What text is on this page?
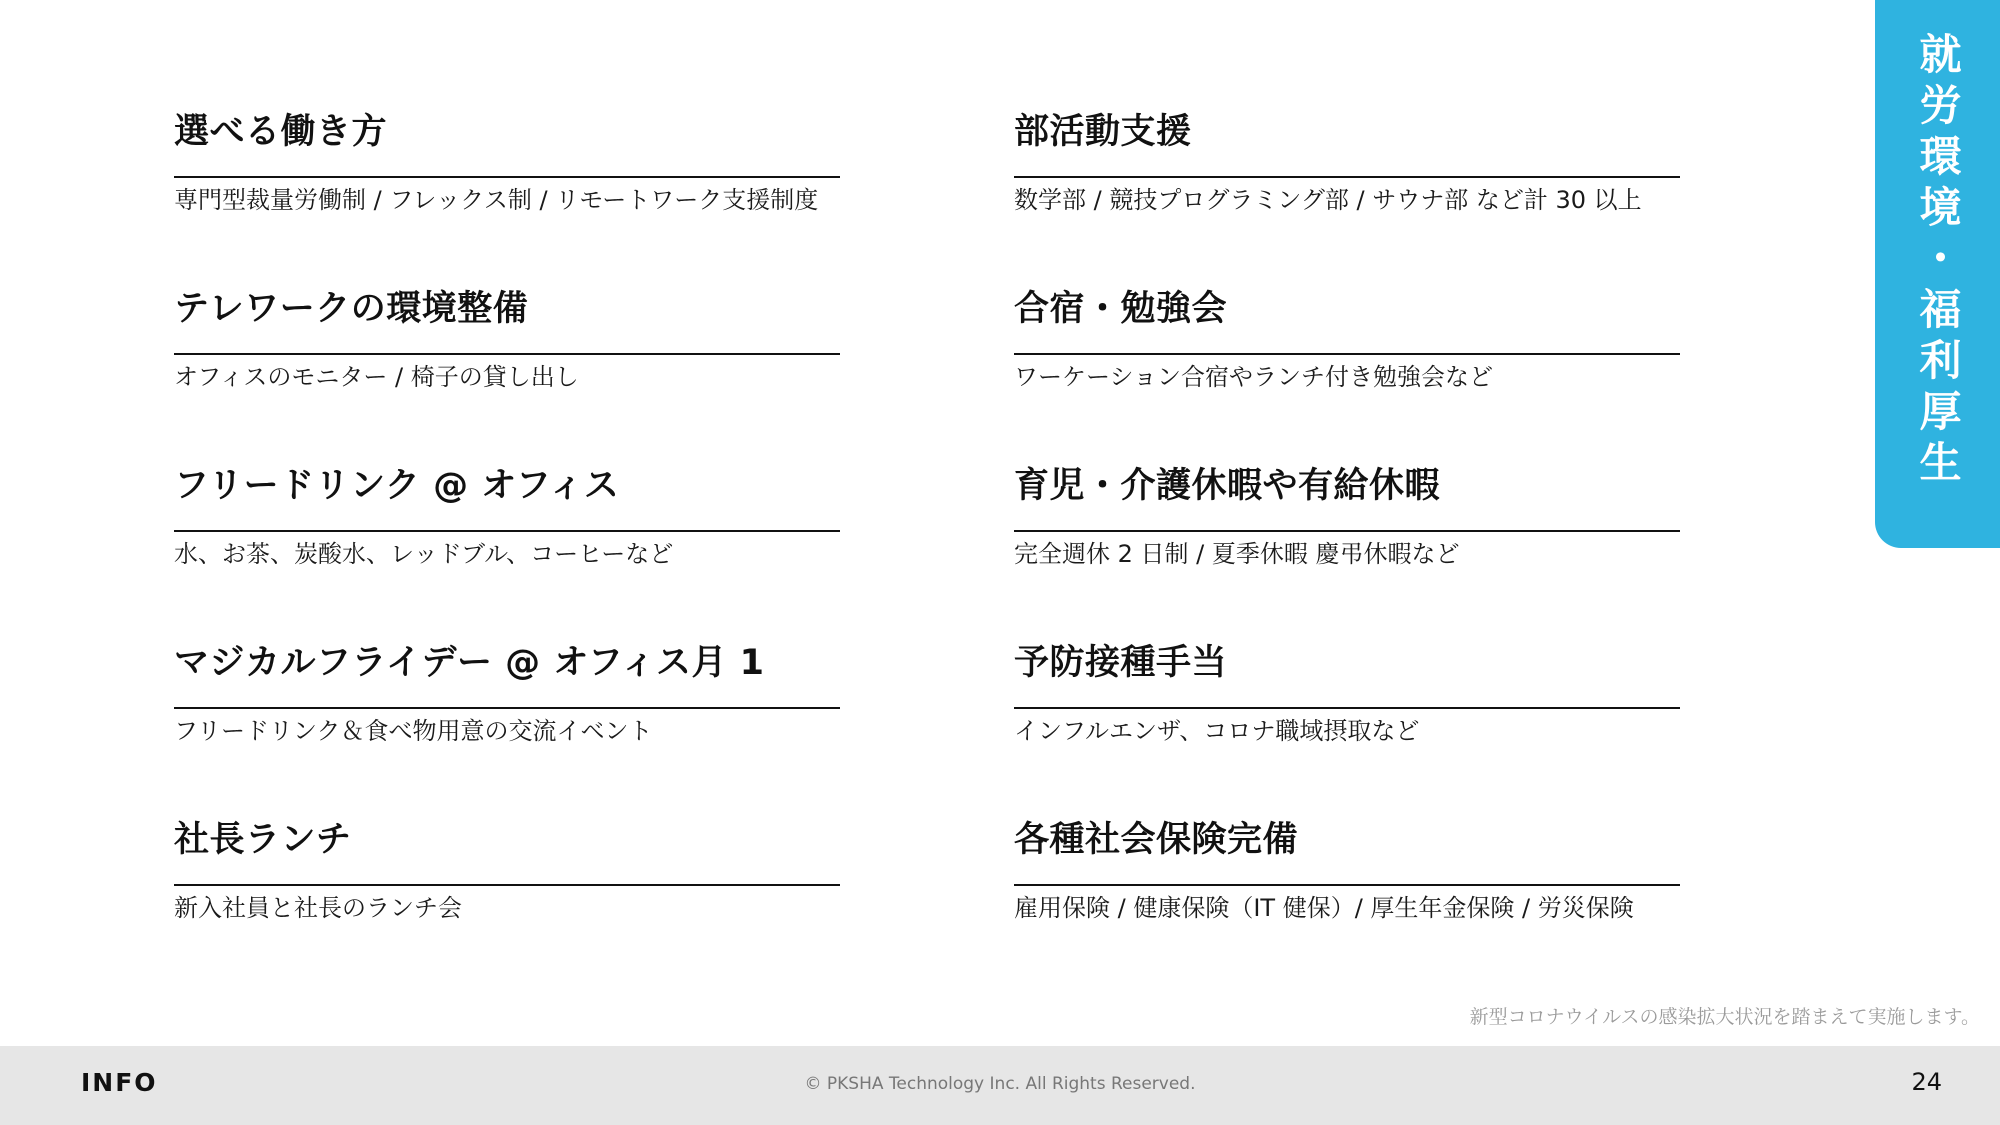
選べる働き方
専門型裁量労働制 / フレックス制 / リモートワーク支援制度
テレワークの環境整備
オフィスのモニター / 椅子の貸し出し
フリードリンク @ オフィス
水、お茶、炭酸水、レッドブル、コーヒーなど
マジカルフライデー @ オフィス月 1
フリードリンク＆食べ物用意の交流イベント
社長ランチ
新入社員と社長のランチ会
部活動支援
数学部 / 競技プログラミング部 / サウナ部 など計 30 以上
合宿・勉強会
ワーケーション合宿やランチ付き勉強会など
育児・介護休暇や有給休暇
完全週休 2 日制 / 夏季休暇 慶弔休暇など
予防接種手当
インフルエンザ、コロナ職域摂取など
各種社会保険完備
雇用保険 / 健康保険（IT 健保）/ 厚生年金保険 / 労災保険

就労環境・福利厚生

新型コロナウイルスの感染拡大状況を踏まえて実施します。
INFO	© PKSHA Technology Inc. All Rights Reserved.	24
